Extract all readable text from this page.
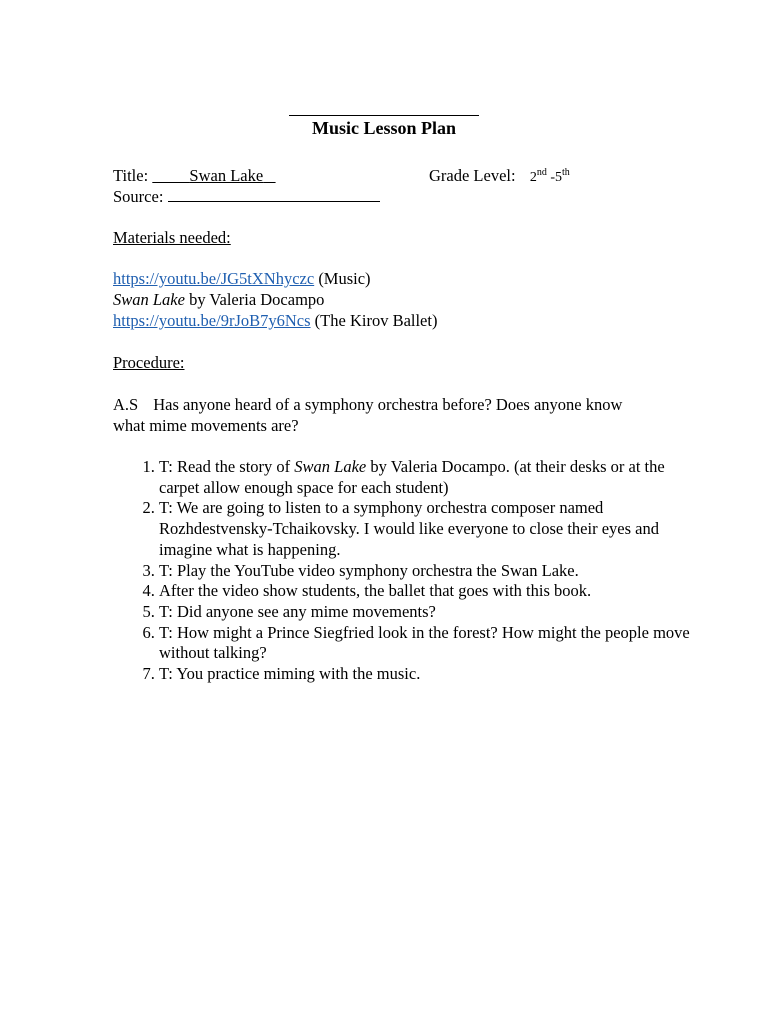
Music Lesson Plan
Title:	Swan Lake	Grade Level: 2nd -5th
Source:
Materials needed:
https://youtu.be/JG5tXNhyczc (Music)
Swan Lake by Valeria Docampo
https://youtu.be/9rJoB7y6Ncs (The Kirov Ballet)
Procedure:
A.S Has anyone heard of a symphony orchestra before? Does anyone know what mime movements are?
1. T: Read the story of Swan Lake by Valeria Docampo. (at their desks or at the carpet allow enough space for each student)
2. T: We are going to listen to a symphony orchestra composer named Rozhdestvensky-Tchaikovsky. I would like everyone to close their eyes and imagine what is happening.
3. T: Play the YouTube video symphony orchestra the Swan Lake.
4. After the video show students, the ballet that goes with this book.
5. T: Did anyone see any mime movements?
6. T: How might a Prince Siegfried look in the forest? How might the people move without talking?
7. T: You practice miming with the music.
